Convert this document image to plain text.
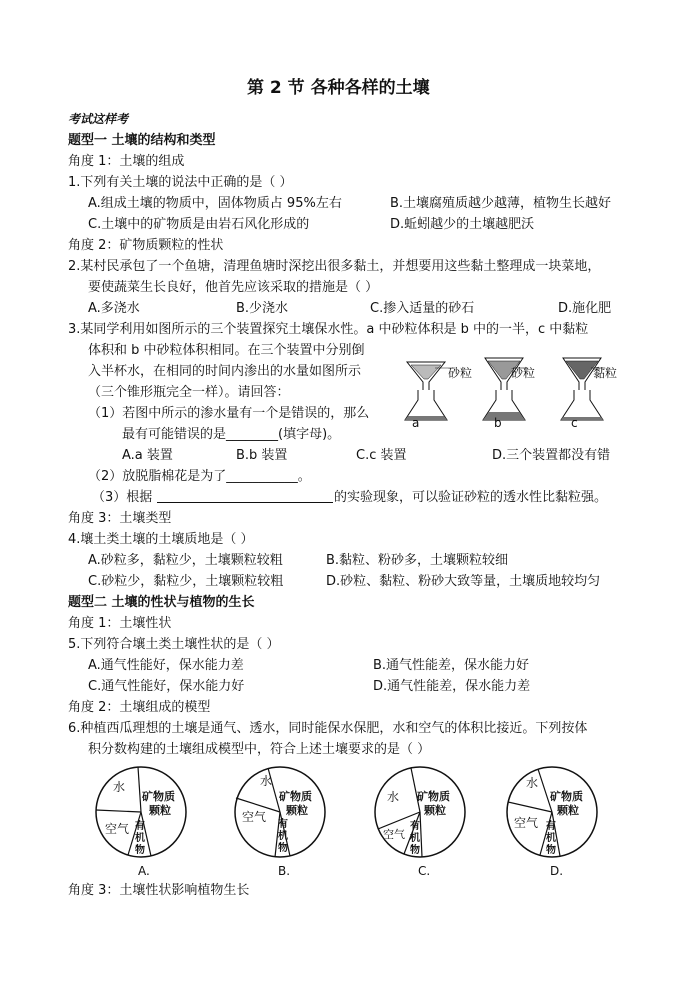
第 2 节 各种各样的土壤
考试这样考
题型一 土壤的结构和类型
角度 1：土壤的组成
1.下列有关土壤的说法中正确的是（ ）
A.组成土壤的物质中，固体物质占 95%左右	B.土壤腐殖质越少越薄，植物生长越好
C.土壤中的矿物质是由岩石风化形成的	D.蚯蚓越少的土壤越肥沃
角度 2：矿物质颗粒的性状
2.某村民承包了一个鱼塘，清理鱼塘时深挖出很多黏土，并想要用这些黏土整理成一块菜地，
要使蔬菜生长良好，他首先应该采取的措施是（ ）
A.多浇水	B.少浇水	C.掺入适量的砂石	D.施化肥
3.某同学利用如图所示的三个装置探究土壤保水性。a 中砂粒体积是 b 中的一半，c 中黏粒
体积和 b 中砂粒体积相同。在三个装置中分别倒
入半杯水，在相同的时间内渗出的水量如图所示
（三个锥形瓶完全一样）。请回答：
（1）若图中所示的渗水量有一个是错误的，那么
最有可能错误的是________(填字母)。
A.a 装置	B.b 装置	C.c 装置	D.三个装置都没有错
（2）放脱脂棉花是为了___________。
（3）根据	的实验现象，可以验证砂粒的透水性比黏粒强。
砂粒	砂粒	黏粒
a	b	c
角度 3：土壤类型
4.壤土类土壤的土壤质地是（ ）
A.砂粒多，黏粒少，土壤颗粒较粗	B.黏粒、粉砂多，土壤颗粒较细
C.砂粒少，黏粒少，土壤颗粒较粗	D.砂粒、黏粒、粉砂大致等量，土壤质地较均匀
题型二 土壤的性状与植物的生长
角度 1：土壤性状
5.下列符合壤土类土壤性状的是（ ）
A.通气性能好，保水能力差	B.通气性能差，保水能力好
C.通气性能好，保水能力好	D.通气性能差，保水能力差
角度 2：土壤组成的模型
6.种植西瓜理想的土壤是通气、透水，同时能保水保肥，水和空气的体积比接近。下列按体
积分数构建的土壤组成模型中，符合上述土壤要求的是（ ）
水
矿物质
颗粒
空气 有
机
物
A.
水
矿物质
颗粒
空气
有
机
物
B.
水 矿物质
颗粒
空气
有
机
物
C.
水
矿物质
颗粒
空气 有
机
物
D.
角度 3：土壤性状影响植物生长
